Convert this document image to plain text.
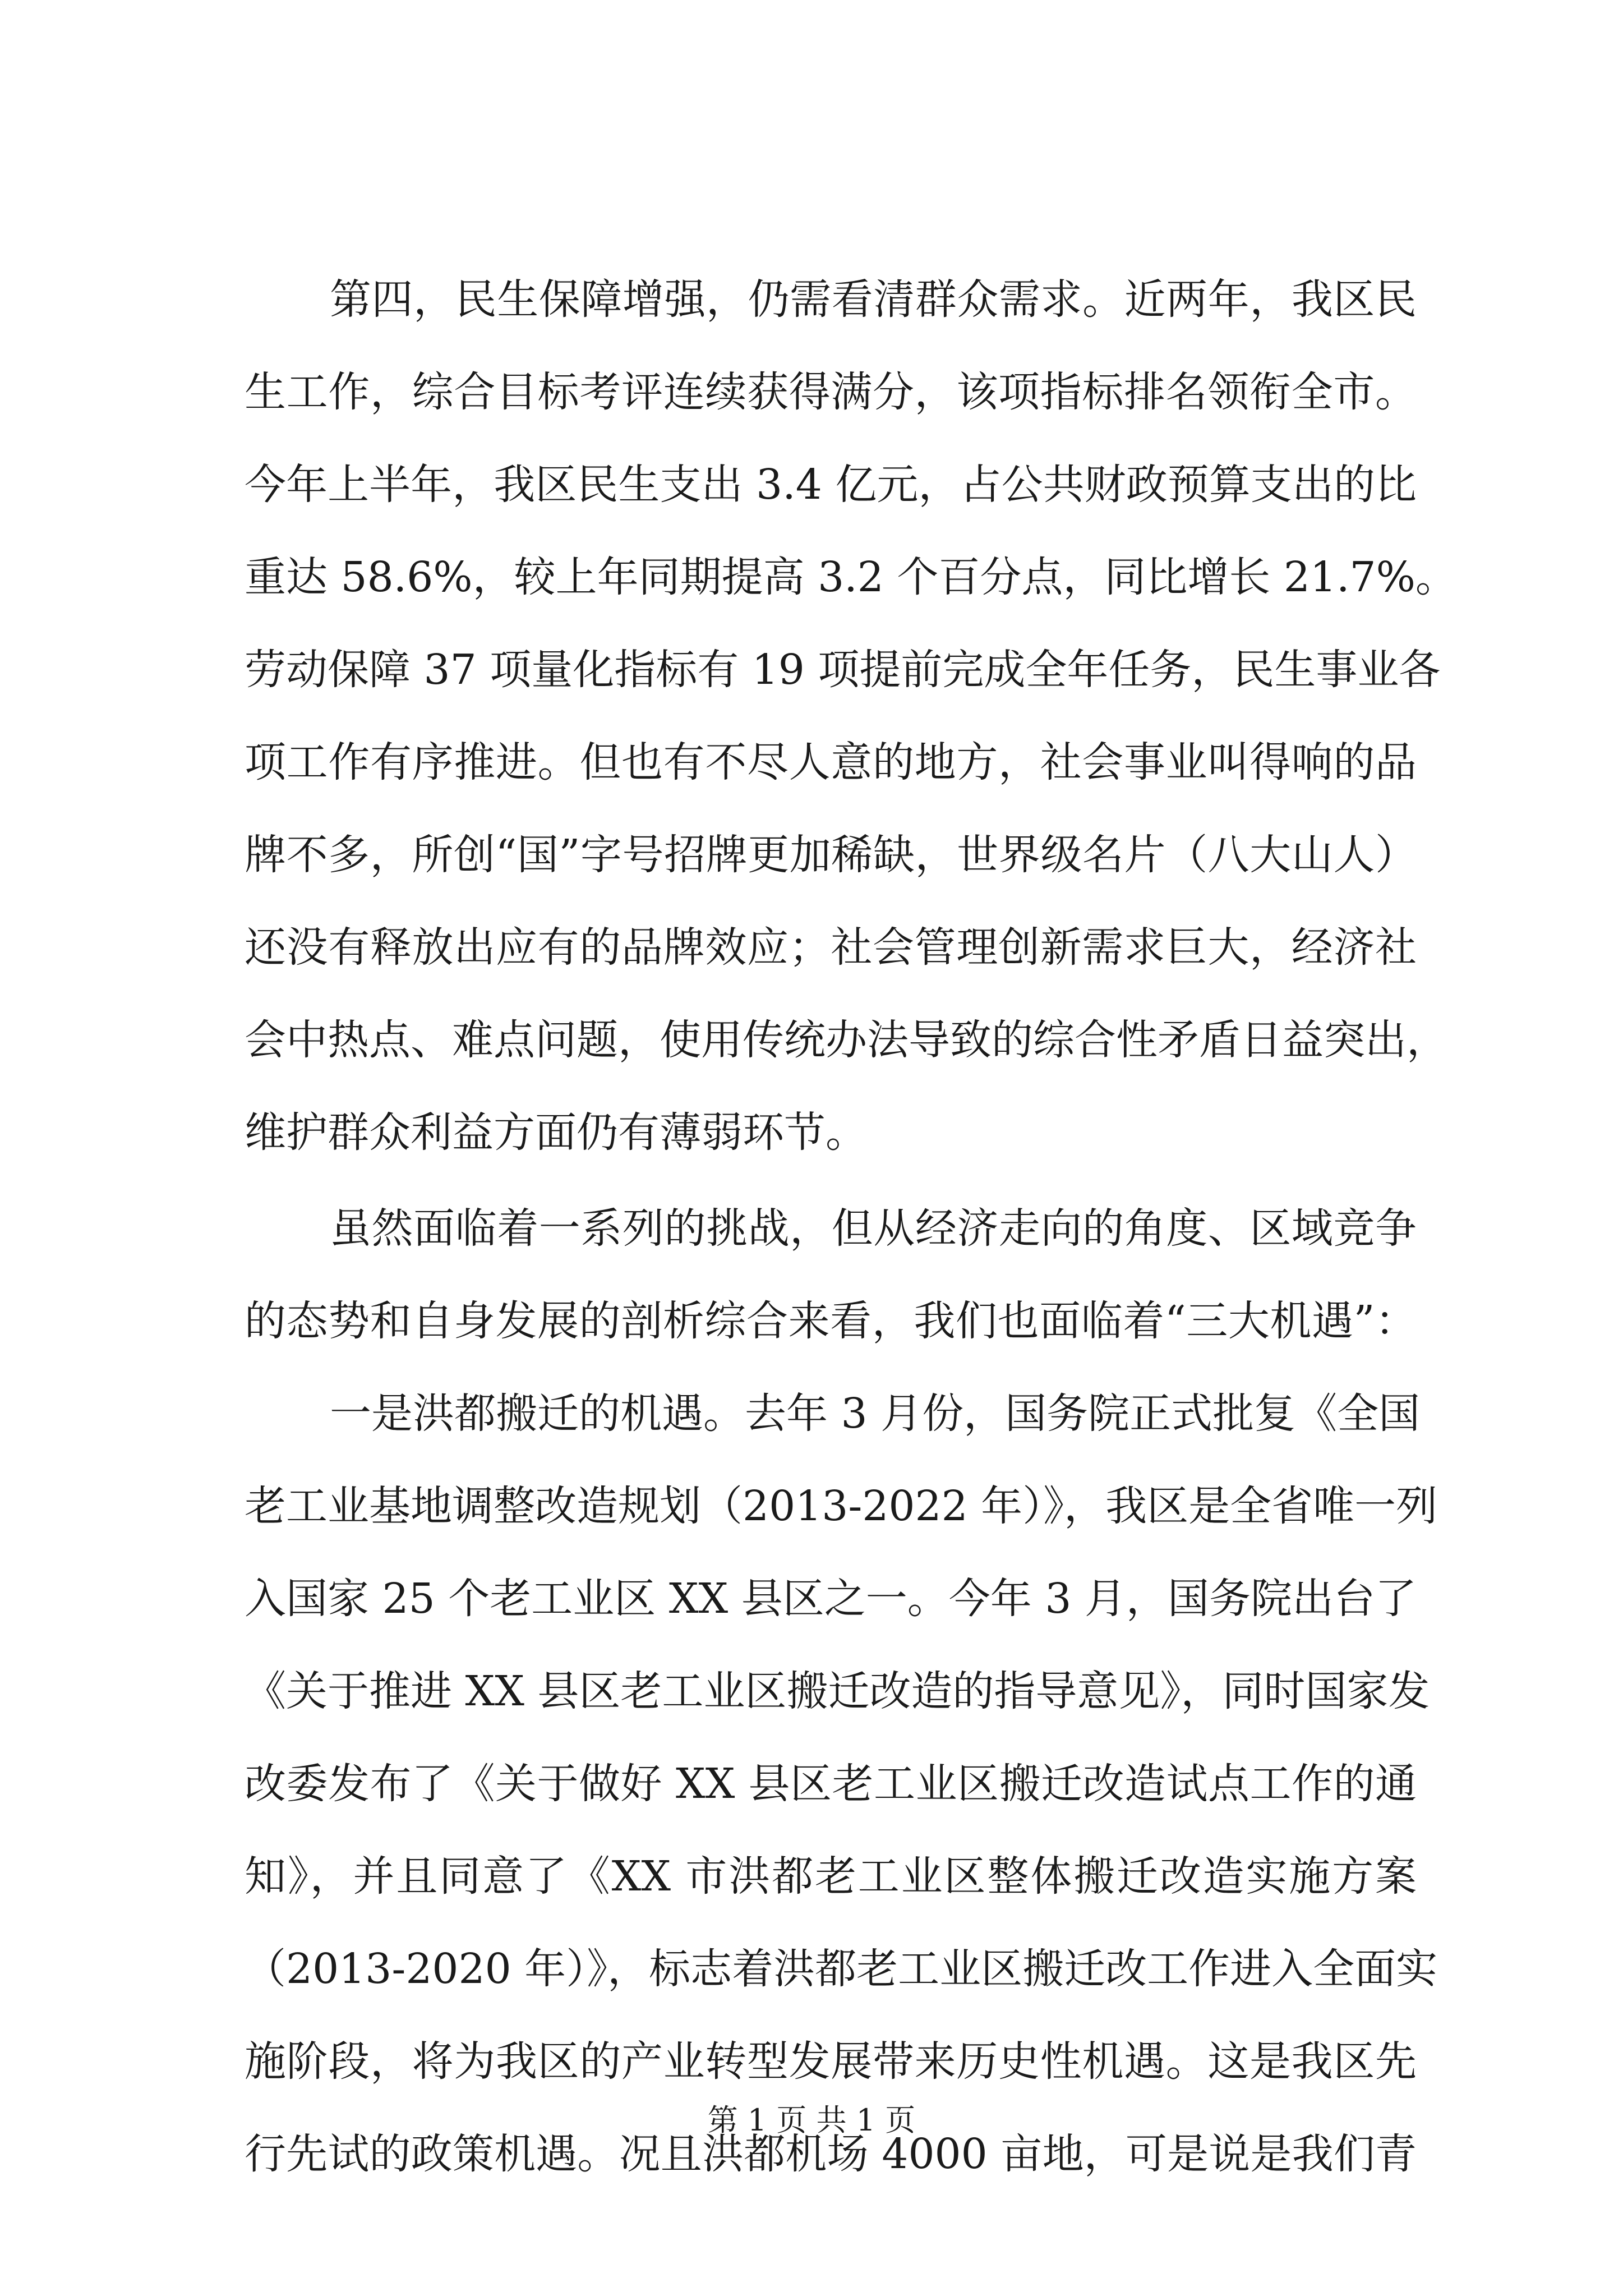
第四，民生保障增强，仍需看清群众需求。近两年，我区民
生工作，综合目标考评连续获得满分，该项指标排名领衔全市。
今年上半年，我区民生支出 3.4 亿元，占公共财政预算支出的比
重达 58.6%，较上年同期提高 3.2 个百分点，同比增长 21.7%。
劳动保障 37 项量化指标有 19 项提前完成全年任务，民生事业各
项工作有序推进。但也有不尽人意的地方，社会事业叫得响的品
牌不多，所创“国”字号招牌更加稀缺，世界级名片（八大山人）
还没有释放出应有的品牌效应；社会管理创新需求巨大，经济社
会中热点、难点问题，使用传统办法导致的综合性矛盾日益突出，
维护群众利益方面仍有薄弱环节。
虽然面临着一系列的挑战，但从经济走向的角度、区域竞争
的态势和自身发展的剖析综合来看，我们也面临着“三大机遇”：
一是洪都搬迁的机遇。去年 3 月份，国务院正式批复《全国
老工业基地调整改造规划（2013-2022 年）》，我区是全省唯一列
入国家 25 个老工业区 XX 县区之一。今年 3 月，国务院出台了
《关于推进 XX 县区老工业区搬迁改造的指导意见》，同时国家发
改委发布了《关于做好 XX 县区老工业区搬迁改造试点工作的通
知》，并且同意了《XX 市洪都老工业区整体搬迁改造实施方案
（2013-2020 年）》，标志着洪都老工业区搬迁改工作进入全面实
施阶段，将为我区的产业转型发展带来历史性机遇。这是我区先
行先试的政策机遇。况且洪都机场 4000 亩地，可是说是我们青
第 1 页 共 1 页
